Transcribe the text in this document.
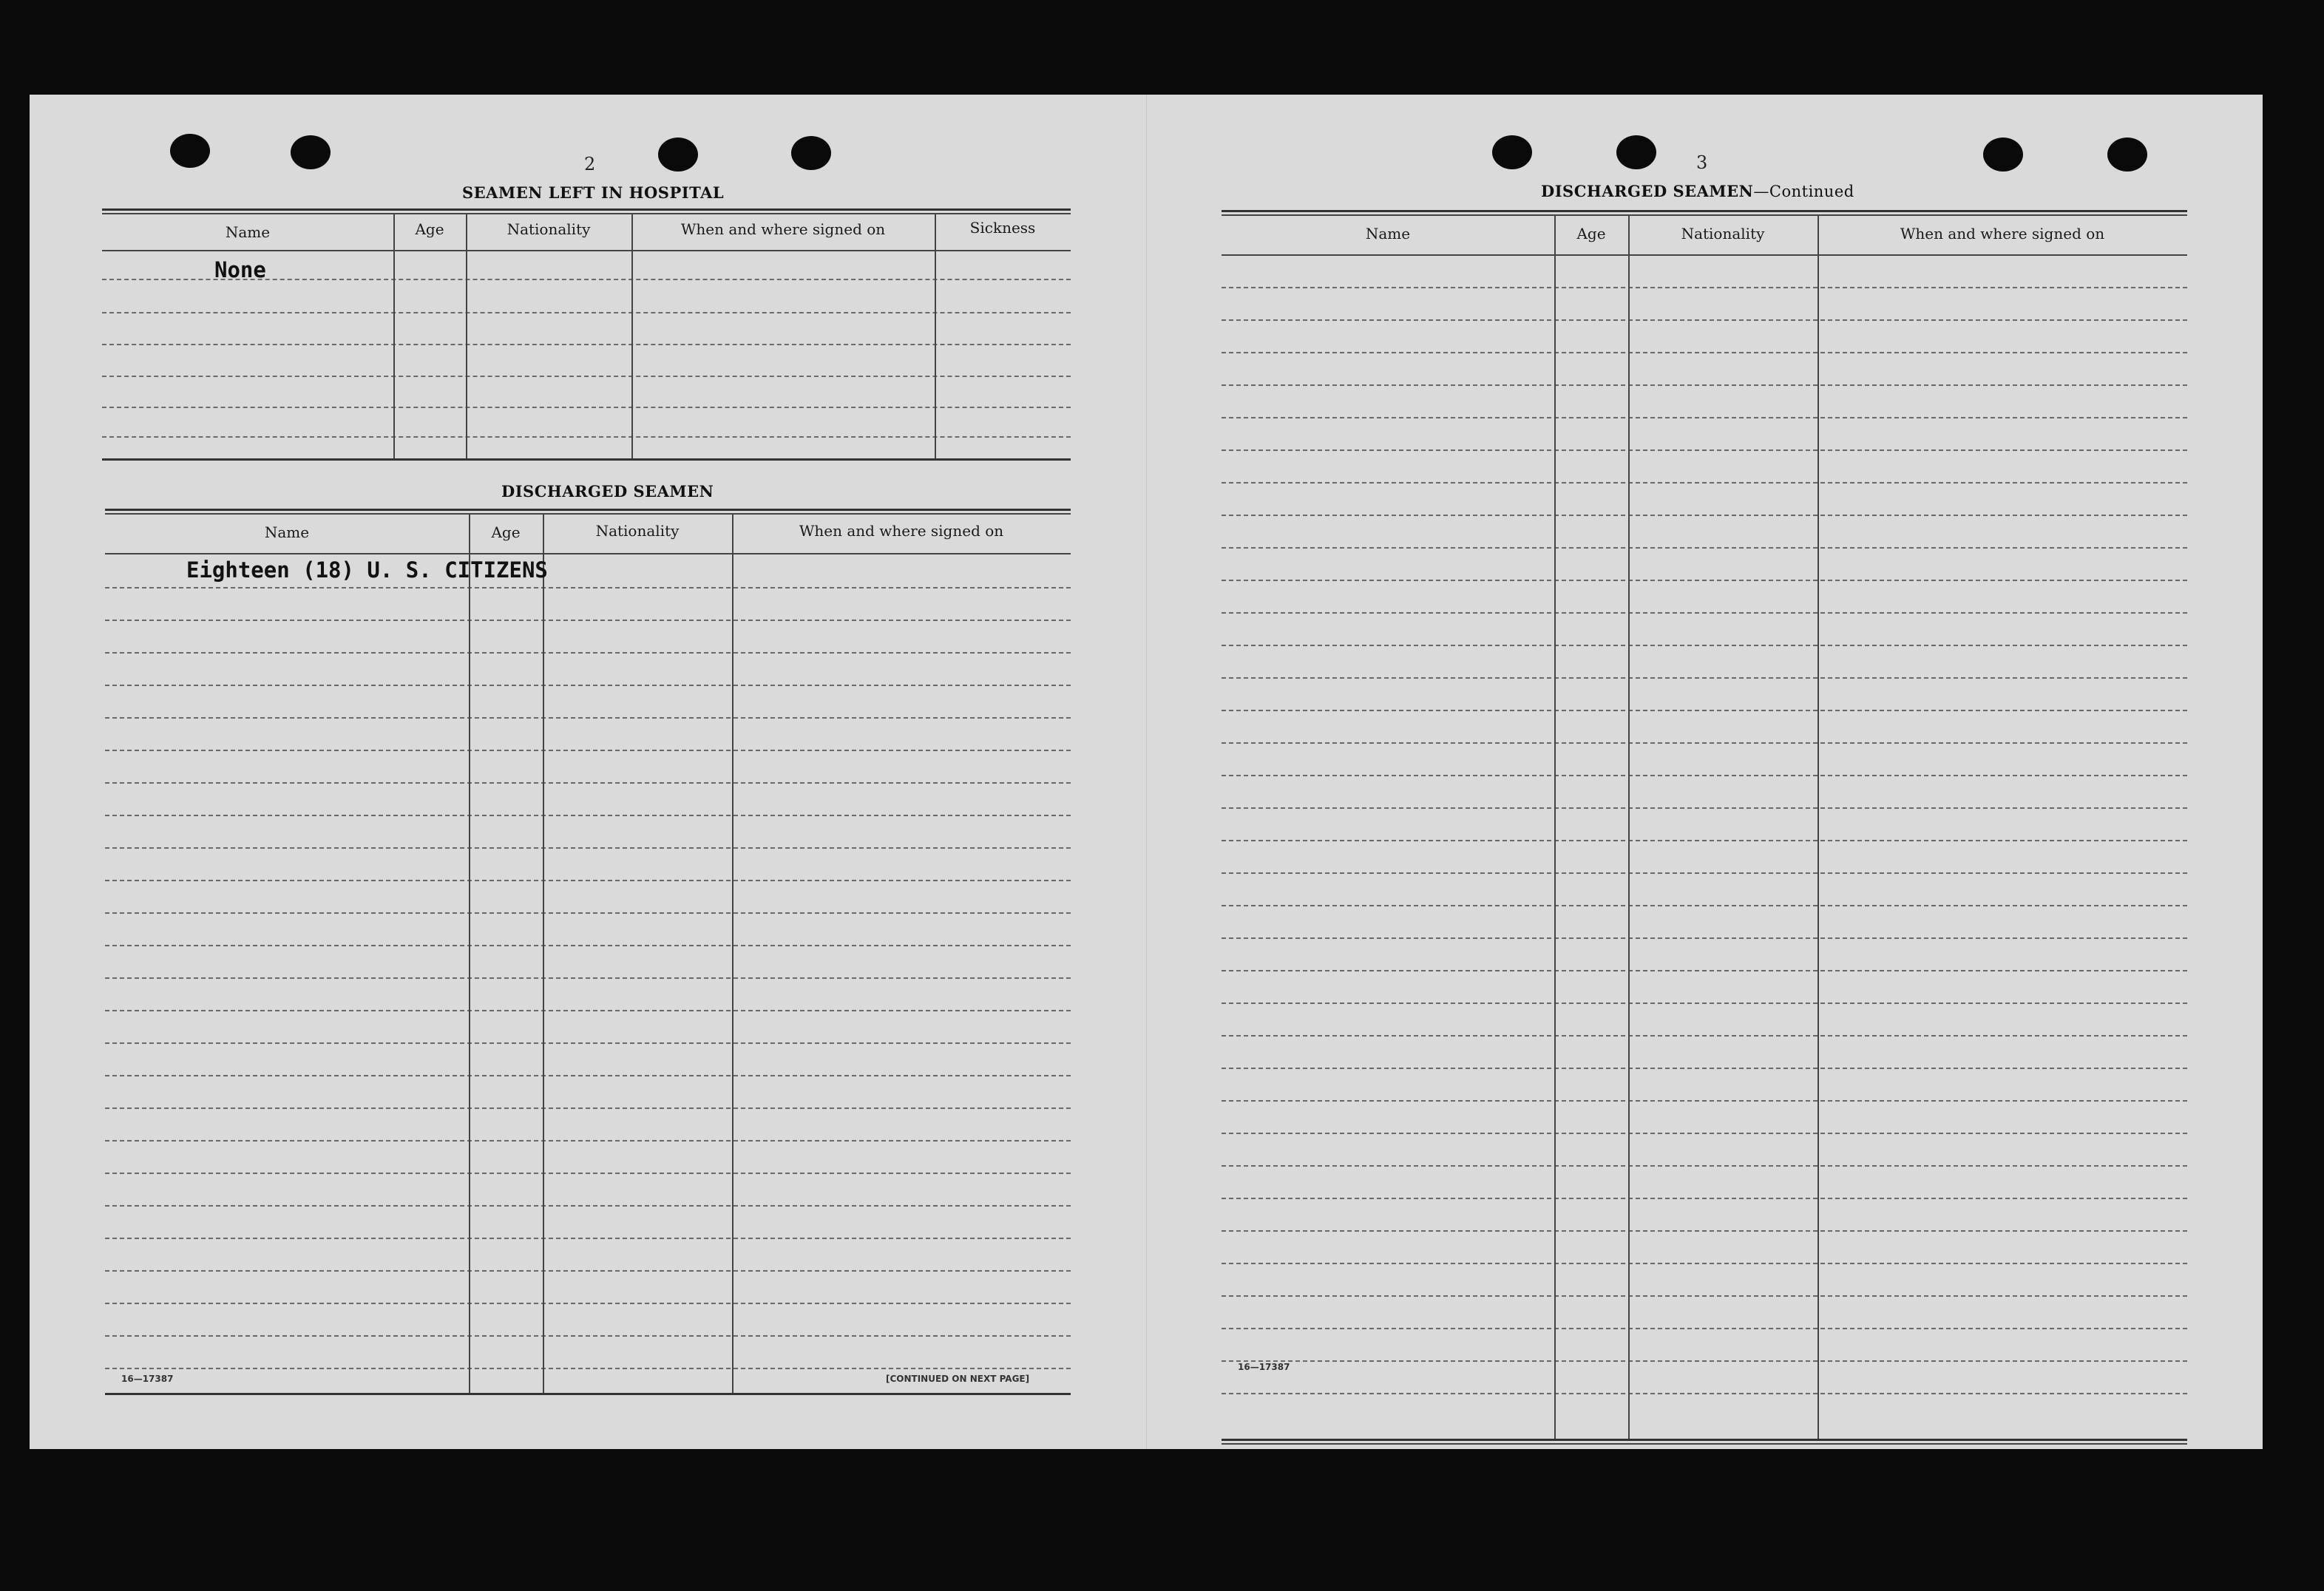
2
SEAMEN LEFT IN HOSPITAL
Name	Age	Nationality	When and where signed on	Sickness
None
DISCHARGED SEAMEN
Name	Age	Nationality	When and where signed on
Eighteen (18) U. S. CITIZENS
16—17387	[CONTINUED ON NEXT PAGE]
3
DISCHARGED SEAMEN—Continued
Name	Age	Nationality	When and where signed on
16—17387
